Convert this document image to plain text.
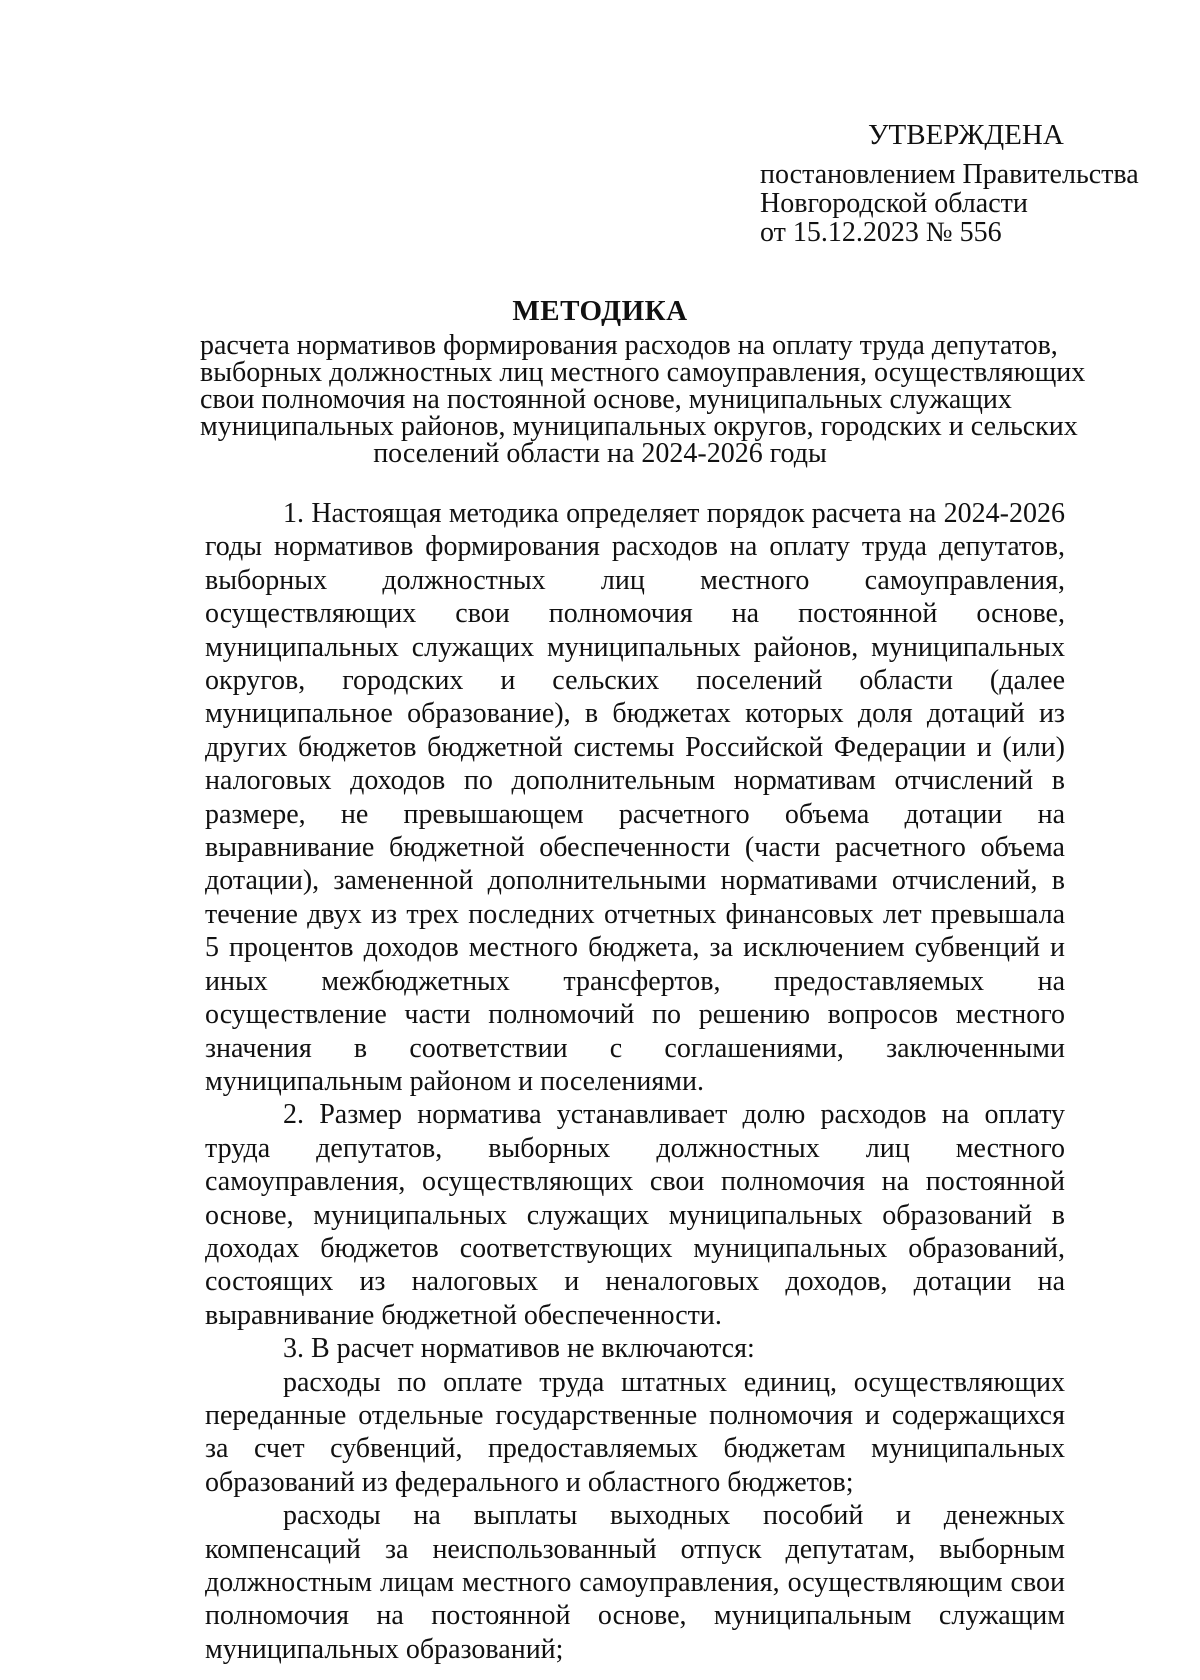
УТВЕРЖДЕНА
постановлением Правительства
Новгородской области
от 15.12.2023 № 556
МЕТОДИКА
расчета нормативов формирования расходов на оплату труда депутатов,
выборных должностных лиц местного самоуправления, осуществляющих
свои полномочия на постоянной основе, муниципальных служащих
муниципальных районов, муниципальных округов, городских и сельских
поселений области на 2024-2026 годы

1. Настоящая методика определяет порядок расчета на 2024-2026 годы нормативов формирования расходов на оплату труда депутатов, выборных должностных лиц местного самоуправления, осуществляющих свои полномочия на постоянной основе, муниципальных служащих муниципальных районов, муниципальных округов, городских и сельских поселений области (далее муниципальное образование), в бюджетах которых доля дотаций из других бюджетов бюджетной системы Российской Федерации и (или) налоговых доходов по дополнительным нормативам отчислений в размере, не превышающем расчетного объема дотации на выравнивание бюджетной обеспеченности (части расчетного объема дотации), замененной дополнительными нормативами отчислений, в течение двух из трех последних отчетных финансовых лет превышала 5 процентов доходов местного бюджета, за исключением субвенций и иных межбюджетных трансфертов, предоставляемых на осуществление части полномочий по решению вопросов местного значения в соответствии с соглашениями, заключенными муниципальным районом и поселениями.

2. Размер норматива устанавливает долю расходов на оплату труда депутатов, выборных должностных лиц местного самоуправления, осуществляющих свои полномочия на постоянной основе, муниципальных служащих муниципальных образований в доходах бюджетов соответствующих муниципальных образований, состоящих из налоговых и неналоговых доходов, дотации на выравнивание бюджетной обеспеченности.

3. В расчет нормативов не включаются:

расходы по оплате труда штатных единиц, осуществляющих переданные отдельные государственные полномочия и содержащихся за счет субвенций, предоставляемых бюджетам муниципальных образований из федерального и областного бюджетов;

расходы на выплаты выходных пособий и денежных компенсаций за неиспользованный отпуск депутатам, выборным должностным лицам местного самоуправления, осуществляющим свои полномочия на постоянной основе, муниципальным служащим муниципальных образований;
